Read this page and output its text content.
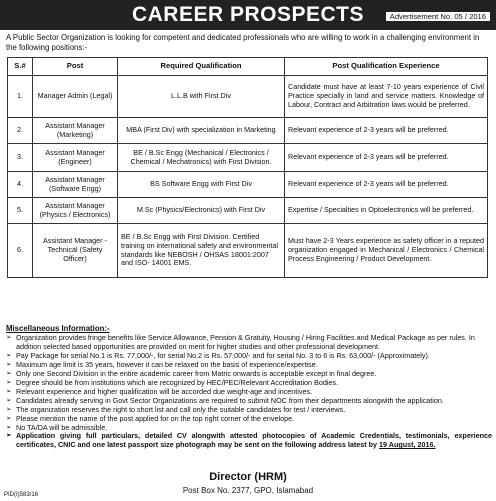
CAREER PROSPECTS	Advertisement No. 05 / 2016
A Public Sector Organization is looking for competent and dedicated professionals who are willing to work in a challenging environment in the following positions:-
S.#	Post	Required Qualification	Post Qualification Experience
1.	Manager Admin (Legal)	L.L.B with First Div	Candidate must have at least 7-10 years experience of Civil Practice specially in land and service matters. Knowledge of Labour, Contract and Arbitration laws would be preferred.
2.	Assistant Manager (Marketing)	MBA (First Div) with specialization in Marketing	Relevant experience of 2-3 years will be preferred.
3.	Assistant Manager (Engineer)	BE / B.Sc Engg (Mechanical / Electronics / Chemical / Mechatronics) with First Division.	Relevant experience of 2-3 years will be preferred.
4.	Assistant Manager (Software Engg)	BS Software Engg with First Div	Relevant experience of 2-3 years will be preferred.
5.	Assistant Manager (Physics / Electronics)	M.Sc (Physics/Electronics) with First Div	Expertise / Specialties in Optoelectronics will be preferred.
6.	Assistant Manager - Technical (Safety Officer)	BE / B.Sc Engg with First Division. Certified training on international safety and environmental standards like NEBOSH / OHSAS 18001:2007 and ISO- 14001 EMS.	Must have 2-3 Years experience as safety officer in a reputed organization engaged in Mechanical / Electronics / Chemical Process Engineering / Product Development.
Miscellaneous Information:-
➢ Organization provides fringe benefits like Service Allowance, Pension & Gratuity, Housing / Hiring Facilities and Medical Package as per rules. In addition selected based opportunities are provided on merit for higher studies and other professional development.
➢ Pay Package for serial No.1 is Rs. 77,000/-, for serial No.2 is Rs. 57,000/- and for serial No. 3 to 6 is Rs. 63,000/- (Approximately).
➢ Maximum age limit is 35 years, however it can be relaxed on the basis of experience/expertise.
➢ Only one Second Division in the entire academic career from Matric onwards is acceptable except in final degree.
➢ Degree should be from institutions which are recognized by HEC/PEC/Relevant Accreditation Bodies.
➢ Relevant experience and higher qualification will be accorded due weight-age and incentives.
➢ Candidates already serving in Govt Sector Organizations are required to submit NOC from their departments alongwith the application.
➢ The organization reserves the right to short list and call only the suitable candidates for test / interviews.
➢ Please mention the name of the post applied for on the top right corner of the envelope.
➢ No TA/DA will be admissible.
➢ Application giving full particulars, detailed CV alongwith attested photocopies of Academic Credentials, testimonials, experience certificates, CNIC and one latest passport size photograph may be sent on the following address latest by 19 August, 2016.
Director (HRM)
Post Box No. 2377, GPO, Islamabad
PID(I)583/16
